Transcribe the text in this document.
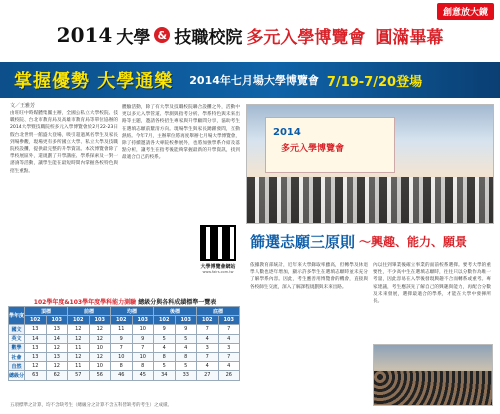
創意放大鏡
2014 大學 & 技職校院 多元入學博覽會 圓滿畢幕
掌握優勢 大學通樂 2014年七月場大學博覽會 7/19-7/20登場
文／王雅芳
由旺旺中時媒體集團主辦，全國公私立大學校院、技職校院、台北市教育局及高雄市教育局等單位協辦的2014大學暨技職院校多元入學博覽會於2月22-23日假台北世貿一館盛大登場，吸引超過萬名學生及家長到場參觀，現場更有多所國立大學、私立大學及技職院校設攤，提供最完整的升學資訊。本次博覽會除了學校展區外，還規劃了升學講座、學系探索及一對一諮詢等活動，讓學生能在最短時間內掌握各校特色與招生重點。
體驗活動，除了有大學及技職校院聯合設攤之外，活動中更以多元入學管道、學測與指考分析、學系特色與未來出路等主題，邀請各校招生專家與升學顧問分享，協助考生在選填志願前釐清方向。現場學生與家長踴躍發問，互動熱絡。今年7月，主辦單位將再度舉辦七月場大學博覽會，除了持續邀請各大專院校參展外，也將加強學系介紹及落點分析，讓考生在指考後能夠掌握最新的升學資訊，找到最適合自己的校系。
2014
多元入學博覽會
大學博覽會網站
www.fairs.com.tw
篩選志願三原則 ～興趣、能力、願景
依據教育部統計，近年來大學錄取率雖高，但轉學及休退學人數也逐年增加，顯示許多學生在選填志願時並未充分了解學系內容。因此，考生應善用博覽會的機會，直接與各校師生交流，深入了解課程規劃與未來出路。
內以往到畢業後確立事業的面前校系選擇。要考大學的重要性，不少高中生在選填志願時，往往只以分數作為唯一考量，因此容易在入學後發現興趣不合而轉系或重考。專家建議，考生應該先了解自己的興趣與能力，再配合分數及未來發展，選擇最適合的學系，才能在大學中發揮所長。
102學年度&103學年度學科能力測驗 總級分與各科成績標準一覽表
學年度	頂標		前標		均標		後標		底標	
	102	103	102	103	102	103	102	103	102	103
國文	13	13	12	12	11	10	9	9	7	7
英文	14	14	12	12	9	9	5	5	4	4
數學	13	12	11	10	7	7	4	4	3	3
社會	13	13	12	12	10	10	8	8	7	7
自然	12	12	11	10	8	8	5	5	4	4
總級分	63	62	57	56	46	45	34	33	27	26
五項標準之計算，均不含缺考生（總級分之計算不含五科皆缺考的考生）之成績。
